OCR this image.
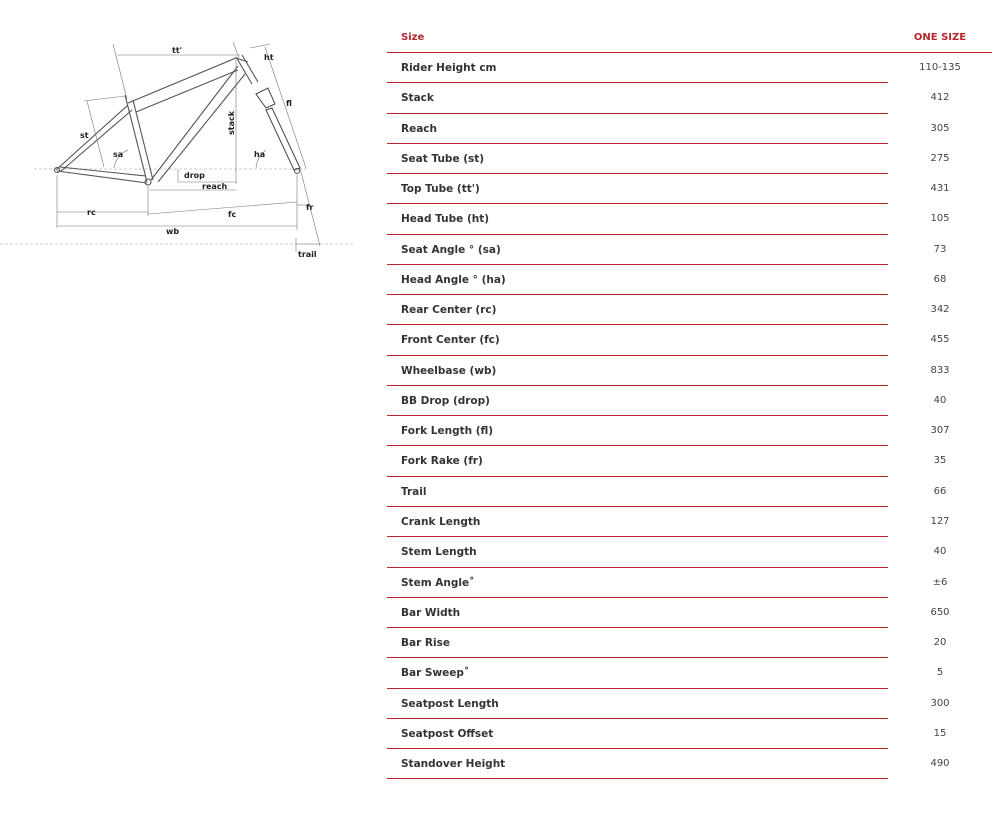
tt'
ht
fl
st
stack
sa	ha
drop
reach
rc	fc
fr
wb
trail
Size	ONE SIZE
Rider Height cm	110-135
Stack	412
Reach	305
Seat Tube (st)	275
Top Tube (tt')	431
Head Tube (ht)	105
Seat Angle ° (sa)	73
Head Angle ° (ha)	68
Rear Center (rc)	342
Front Center (fc)	455
Wheelbase (wb)	833
BB Drop (drop)	40
Fork Length (fl)	307
Fork Rake (fr)	35
Trail	66
Crank Length	127
Stem Length	40
Stem Angle˚	±6
Bar Width	650
Bar Rise	20
Bar Sweep˚	5
Seatpost Length	300
Seatpost Offset	15
Standover Height	490
